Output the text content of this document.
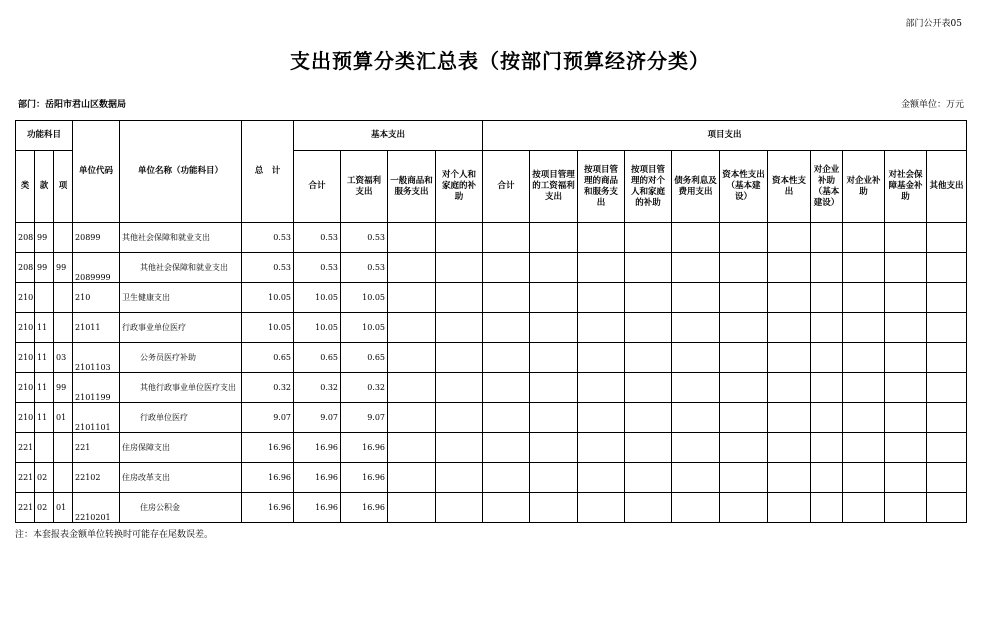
部门公开表05
支出预算分类汇总表（按部门预算经济分类）
部门：岳阳市君山区数据局	金额单位：万元
功能科目			单位代码	单位名称（功能科目）	总　计	基本支出				项目支出										
类	款	项				合计	工资福利支出	一般商品和服务支出	对个人和家庭的补助	合计	按项目管理的工资福利支出	按项目管理的商品和服务支出	按项目管理的对个人和家庭的补助	债务利息及费用支出	资本性支出（基本建设）	资本性支出	对企业补助（基本建设）	对企业补助	对社会保障基金补助	其他支出
208	99		20899	其他社会保障和就业支出	0.53	0.53	0.53													
208	99	99	2089999	其他社会保障和就业支出	0.53	0.53	0.53													
210			210	卫生健康支出	10.05	10.05	10.05													
210	11		21011	行政事业单位医疗	10.05	10.05	10.05													
210	11	03	2101103	公务员医疗补助	0.65	0.65	0.65													
210	11	99	2101199	其他行政事业单位医疗支出	0.32	0.32	0.32													
210	11	01	2101101	行政单位医疗	9.07	9.07	9.07													
221			221	住房保障支出	16.96	16.96	16.96													
221	02		22102	住房改革支出	16.96	16.96	16.96													
221	02	01	2210201	住房公积金	16.96	16.96	16.96													
注：本套报表金额单位转换时可能存在尾数误差。
